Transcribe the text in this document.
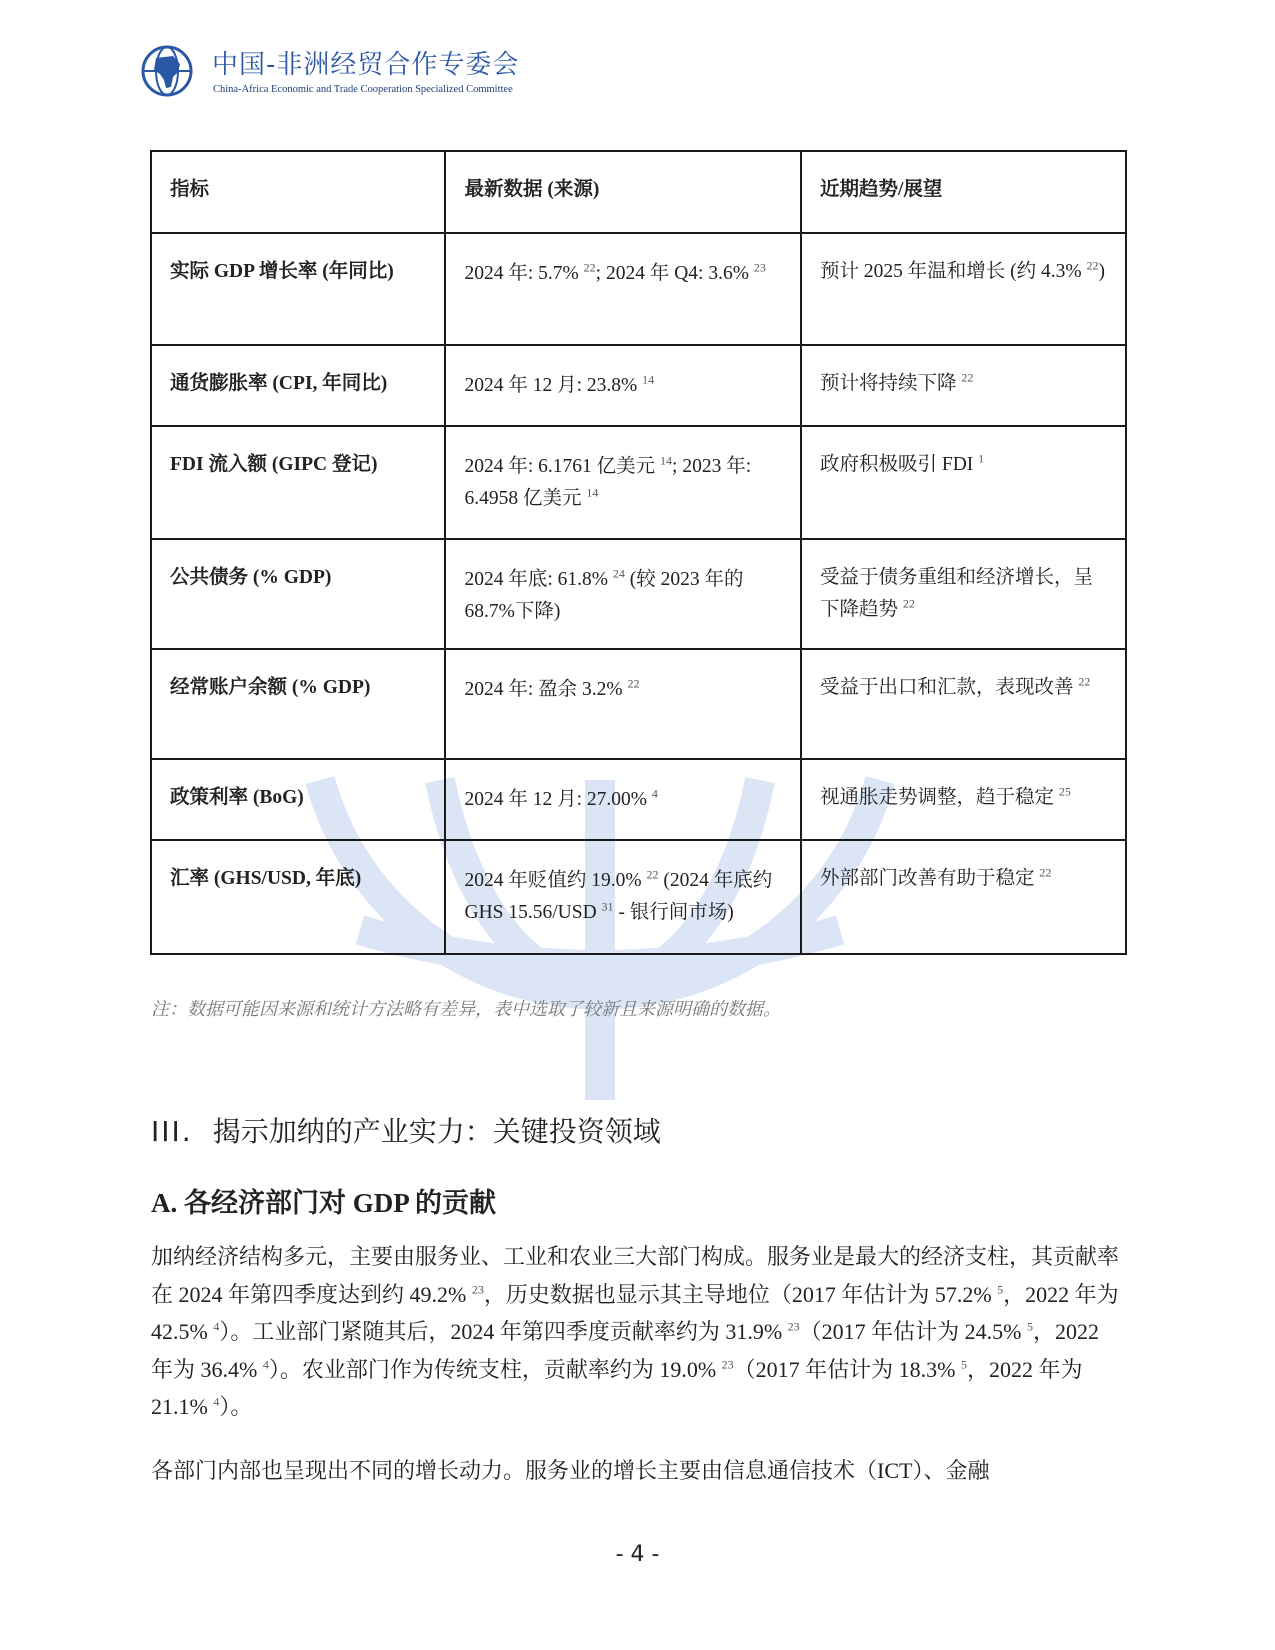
中国-非洲经贸合作专委会
China-Africa Economic and Trade Cooperation Specialized Committee
指标	最新数据 (来源)	近期趋势/展望
实际 GDP 增长率 (年同比)	2024 年: 5.7% $^{22}$; 2024 年 Q4: 3.6% $^{23}$	预计 2025 年温和增长 (约 4.3% $^{22}$)
通货膨胀率 (CPI, 年同比)	2024 年 12 月: 23.8% $^{14}$	预计将持续下降 $^{22}$
FDI 流入额 (GIPC 登记)	2024 年: 6.1761 亿美元 $^{14}$; 2023 年: 6.4958 亿美元 $^{14}$	政府积极吸引 FDI $^1$
公共债务 (% GDP)	2024 年底: 61.8% $^{24}$ (较 2023 年的 68.7%下降)	受益于债务重组和经济增长，呈下降趋势 $^{22}$
经常账户余额 (% GDP)	2024 年: 盈余 3.2% $^{22}$	受益于出口和汇款，表现改善 $^{22}$
政策利率 (BoG)	2024 年 12 月: 27.00% $^4$	视通胀走势调整，趋于稳定 $^{25}$
汇率 (GHS/USD, 年底)	2024 年贬值约 19.0% $^{22}$ (2024 年底约 GHS 15.56/USD $^{31}$ - 银行间市场)	外部部门改善有助于稳定 $^{22}$
注：数据可能因来源和统计方法略有差异，表中选取了较新且来源明确的数据。
III. 揭示加纳的产业实力：关键投资领域
A. 各经济部门对 GDP 的贡献
加纳经济结构多元，主要由服务业、工业和农业三大部门构成。服务业是最大的经济支柱，其贡献率在 2024 年第四季度达到约 49.2% $^{23}$，历史数据也显示其主导地位（2017 年估计为 57.2% $^5$，2022 年为 42.5% $^4$）。工业部门紧随其后，2024 年第四季度贡献率约为 31.9% $^{23}$（2017 年估计为 24.5% $^5$，2022 年为 36.4% $^4$）。农业部门作为传统支柱，贡献率约为 19.0% $^{23}$（2017 年估计为 18.3% $^5$，2022 年为 21.1% $^4$）。
各部门内部也呈现出不同的增长动力。服务业的增长主要由信息通信技术（ICT）、金融
- 4 -
